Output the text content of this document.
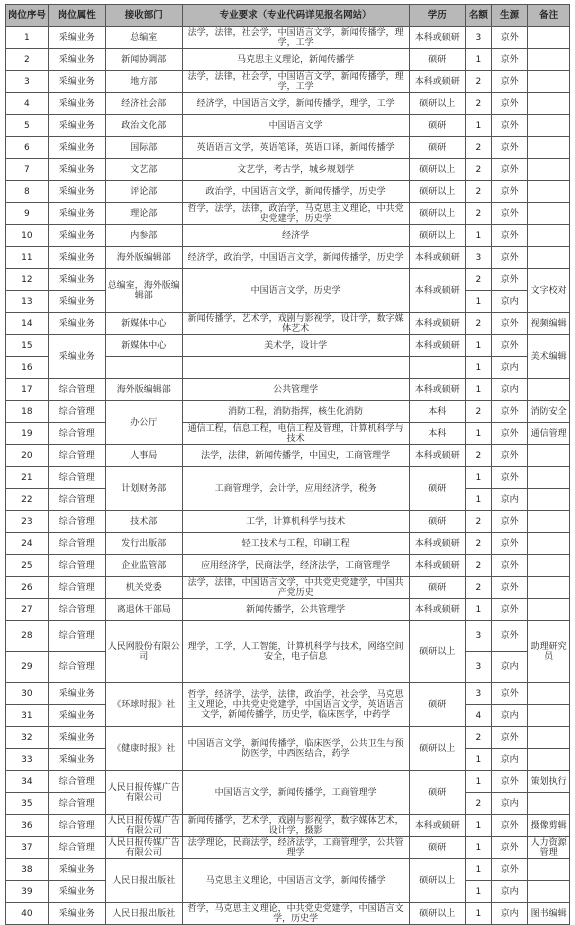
岗位序号	岗位属性	接收部门	专业要求（专业代码详见报名网站）	学历	名额	生源	备注
1	采编业务	总编室	法学，法律，社会学，中国语言文学，新闻传播学，理学，工学	本科或硕研	3	京外	
2	采编业务	新闻协调部	马克思主义理论，新闻传播学	硕研	1	京外	
3	采编业务	地方部	法学，法律，社会学，中国语言文学，新闻传播学，理学，工学	本科或硕研	2	京外	
4	采编业务	经济社会部	经济学，中国语言文学，新闻传播学，理学，工学	硕研以上	2	京外	
5	采编业务	政治文化部	中国语言文学	硕研	1	京外	
6	采编业务	国际部	英语语言文学，英语笔译，英语口译，新闻传播学	硕研	2	京外	
7	采编业务	文艺部	文艺学，考古学，城乡规划学	硕研以上	2	京外	
8	采编业务	评论部	政治学，中国语言文学，新闻传播学，历史学	硕研以上	2	京外	
9	采编业务	理论部	哲学，法学，法律，政治学，马克思主义理论，中共党史党建学，历史学	硕研以上	2	京外	
10	采编业务	内参部	经济学	硕研以上	1	京外	
11	采编业务	海外版编辑部	经济学，政治学，中国语言文学，新闻传播学，历史学	本科或硕研	3	京外	
12	采编业务	总编室，海外版编辑部	中国语言文学，历史学	本科或硕研	2	京外	文字校对
13	采编业务				1	京内	
14	采编业务	新媒体中心	新闻传播学，艺术学，戏剧与影视学，设计学，数字媒体艺术	本科或硕研	2	京外	视频编辑
15	采编业务	新媒体中心	美术学，设计学	本科或硕研	1	京外	美术编辑
16					1	京内	
17	综合管理	海外版编辑部	公共管理学	本科或硕研	1	京内	
18	综合管理	办公厅	消防工程，消防指挥，核生化消防	本科	2	京外	消防安全
19	综合管理		通信工程，信息工程，电信工程及管理，计算机科学与技术	本科	1	京外	通信管理
20	综合管理	人事局	法学，法律，新闻传播学，中国史，工商管理学	本科或硕研	2	京外	
21	综合管理	计划财务部	工商管理学，会计学，应用经济学，税务	硕研	1	京外	
22	综合管理				1	京内	
23	综合管理	技术部	工学，计算机科学与技术	硕研	2	京外	
24	综合管理	发行出版部	轻工技术与工程，印刷工程	本科或硕研	2	京外	
25	综合管理	企业监管部	应用经济学，民商法学，经济法学，工商管理学	本科或硕研	2	京外	
26	综合管理	机关党委	法学，法律，中国语言文学，中共党史党建学，中国共产党历史	硕研	2	京外	
27	综合管理	离退休干部局	新闻传播学，公共管理学	本科或硕研	1	京外	
28	综合管理	人民网股份有限公司	理学，工学，人工智能，计算机科学与技术，网络空间安全，电子信息	硕研以上	3	京外	助理研究员
29	综合管理				3	京内	
30	采编业务	《环球时报》社	哲学，经济学，法学，法律，政治学，社会学，马克思主义理论，中共党史党建学，中国语言文学，英语语言文学，新闻传播学，历史学，临床医学，中药学	硕研	3	京外	
31	采编业务				4	京内	
32	采编业务	《健康时报》社	中国语言文学，新闻传播学，临床医学，公共卫生与预防医学，中西医结合，药学	硕研以上	2	京外	
33	采编业务				1	京内	
34	综合管理	人民日报传媒广告有限公司	中国语言文学，新闻传播学，工商管理学	硕研	1	京外	策划执行
35	综合管理				2	京内	
36	综合管理	人民日报传媒广告有限公司	新闻传播学，艺术学，戏剧与影视学，数字媒体艺术，设计学，摄影	本科或硕研	1	京外	摄像剪辑
37	综合管理	人民日报传媒广告有限公司	法学理论，民商法学，经济法学，工商管理学，公共管理学	硕研	1	京外	人力资源管理
38	采编业务	人民日报出版社	马克思主义理论，中国语言文学，新闻传播学	硕研以上	1	京外	
39	采编业务				1	京内	
40	采编业务	人民日报出版社	哲学，马克思主义理论，中共党史党建学，中国语言文学，历史学	硕研以上	1	京内	图书编辑
